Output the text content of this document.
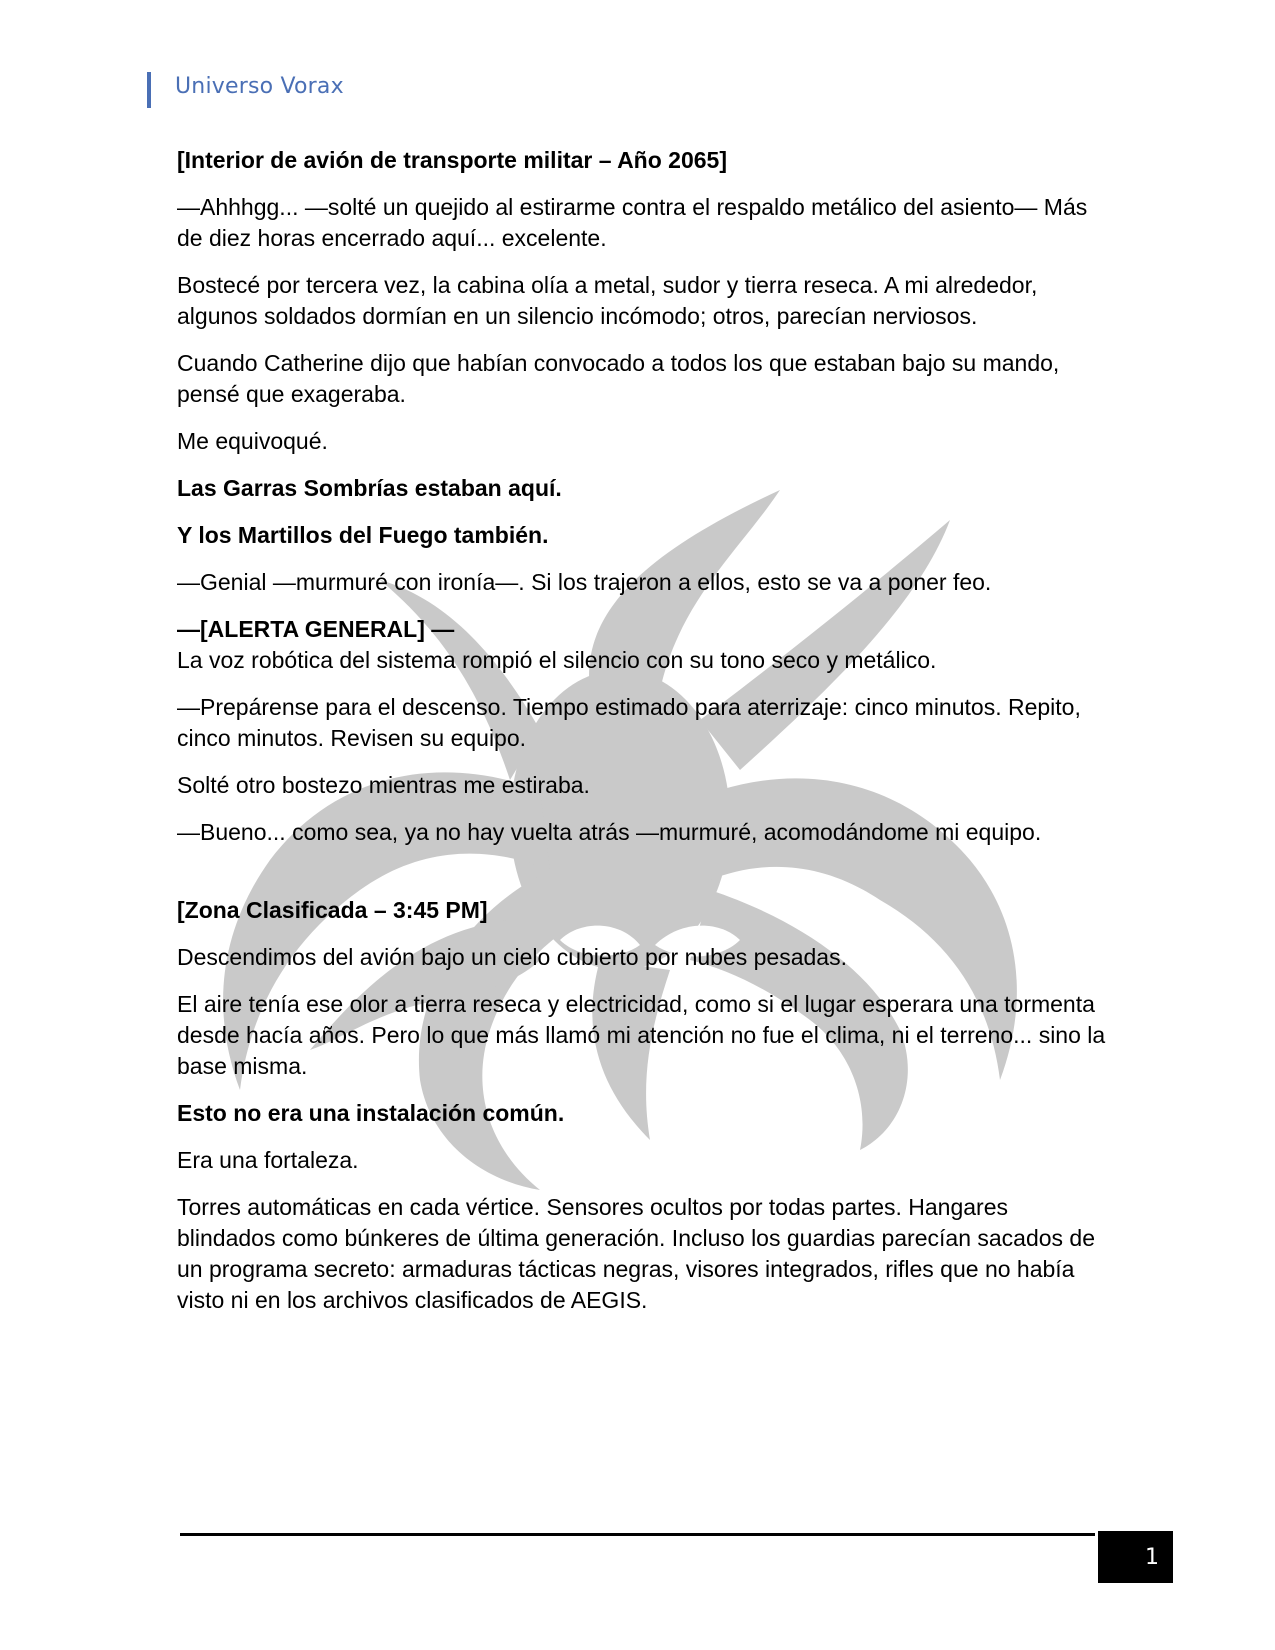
Universo Vorax

[Interior de avión de transporte militar – Año 2065]

—Ahhhgg... —solté un quejido al estirarme contra el respaldo metálico del asiento— Más de diez horas encerrado aquí... excelente.

Bostecé por tercera vez, la cabina olía a metal, sudor y tierra reseca. A mi alrededor, algunos soldados dormían en un silencio incómodo; otros, parecían nerviosos.

Cuando Catherine dijo que habían convocado a todos los que estaban bajo su mando, pensé que exageraba.

Me equivoqué.

Las Garras Sombrías estaban aquí.

Y los Martillos del Fuego también.

—Genial —murmuré con ironía—. Si los trajeron a ellos, esto se va a poner feo.

—[ALERTA GENERAL] —

La voz robótica del sistema rompió el silencio con su tono seco y metálico.

—Prepárense para el descenso. Tiempo estimado para aterrizaje: cinco minutos. Repito, cinco minutos. Revisen su equipo.

Solté otro bostezo mientras me estiraba.

—Bueno... como sea, ya no hay vuelta atrás —murmuré, acomodándome mi equipo.

[Zona Clasificada – 3:45 PM]

Descendimos del avión bajo un cielo cubierto por nubes pesadas.

El aire tenía ese olor a tierra reseca y electricidad, como si el lugar esperara una tormenta desde hacía años. Pero lo que más llamó mi atención no fue el clima, ni el terreno... sino la base misma.

Esto no era una instalación común.

Era una fortaleza.

Torres automáticas en cada vértice. Sensores ocultos por todas partes. Hangares blindados como búnkeres de última generación. Incluso los guardias parecían sacados de un programa secreto: armaduras tácticas negras, visores integrados, rifles que no había visto ni en los archivos clasificados de AEGIS.

1
